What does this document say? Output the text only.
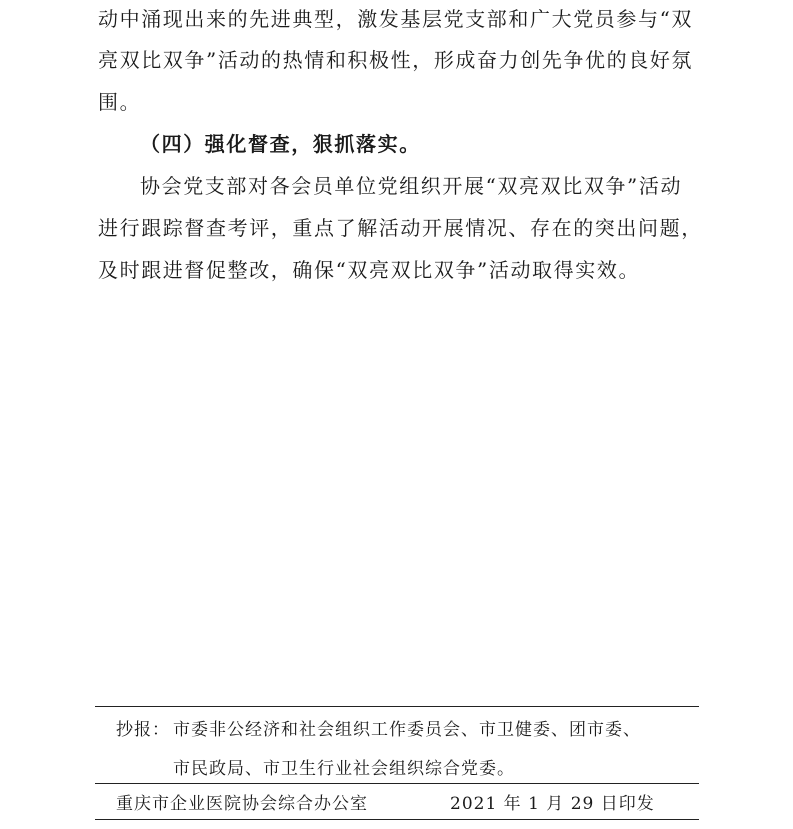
动中涌现出来的先进典型，激发基层党支部和广大党员参与“双
亮双比双争”活动的热情和积极性，形成奋力创先争优的良好氛
围。
（四）强化督查，狠抓落实。
协会党支部对各会员单位党组织开展“双亮双比双争”活动
进行跟踪督查考评，重点了解活动开展情况、存在的突出问题，
及时跟进督促整改，确保“双亮双比双争”活动取得实效。
抄报： 市委非公经济和社会组织工作委员会、市卫健委、团市委、
市民政局、市卫生行业社会组织综合党委。
重庆市企业医院协会综合办公室	2021 年 1 月 29 日印发
